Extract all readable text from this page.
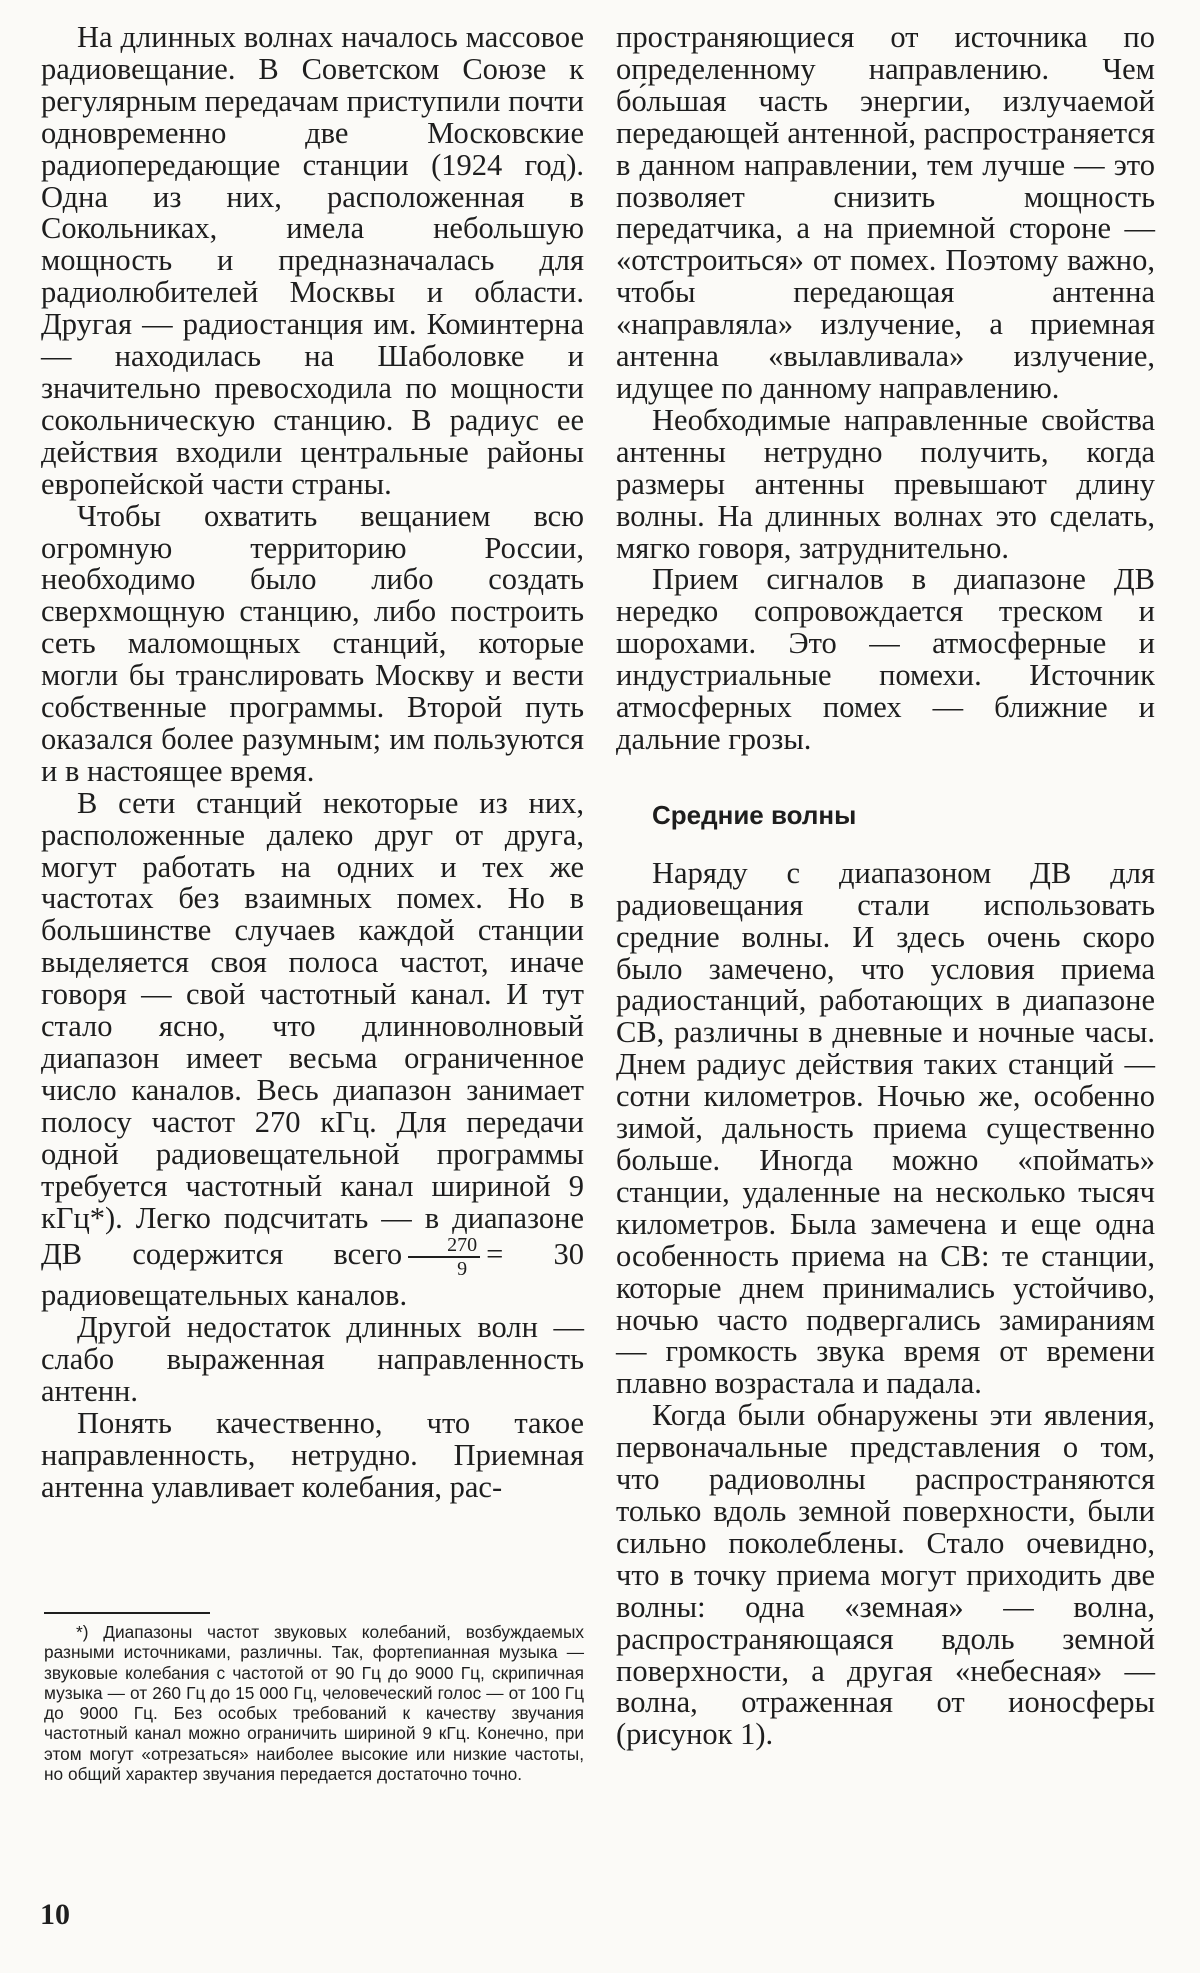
На длинных волнах началось массовое радиовещание. В Советском Союзе к регулярным передачам приступили почти одновременно две Московские радиопередающие станции (1924 год). Одна из них, расположенная в Сокольниках, имела небольшую мощность и предназначалась для радиолюбителей Москвы и области. Другая — радиостанция им. Коминтерна — находилась на Шаболовке и значительно превосходила по мощности сокольническую станцию. В радиус ее действия входили центральные районы европейской части страны.

Чтобы охватить вещанием всю огромную территорию России, необходимо было либо создать сверхмощную станцию, либо построить сеть маломощных станций, которые могли бы транслировать Москву и вести собственные программы. Второй путь оказался более разумным; им пользуются и в настоящее время.

В сети станций некоторые из них, расположенные далеко друг от друга, могут работать на одних и тех же частотах без взаимных помех. Но в большинстве случаев каждой станции выделяется своя полоса частот, иначе говоря — свой частотный канал. И тут стало ясно, что длинноволновый диапазон имеет весьма ограниченное число каналов. Весь диапазон занимает полосу частот 270 кГц. Для передачи одной радиовещательной программы требуется частотный канал шириной 9 кГц*). Легко подсчитать — в диапазоне ДВ содержится всего $\frac{270}{9} = 30$ радиовещательных каналов.

Другой недостаток длинных волн — слабо выраженная направленность антенн.

Понять качественно, что такое направленность, нетрудно. Приемная антенна улавливает колебания, рас-

пространяющиеся от источника по определенному направлению. Чем бо́льшая часть энергии, излучаемой передающей антенной, распространяется в данном направлении, тем лучше — это позволяет снизить мощность передатчика, а на приемной стороне — «отстроиться» от помех. Поэтому важно, чтобы передающая антенна «направляла» излучение, а приемная антенна «вылавливала» излучение, идущее по данному направлению.

Необходимые направленные свойства антенны нетрудно получить, когда размеры антенны превышают длину волны. На длинных волнах это сделать, мягко говоря, затруднительно.

Прием сигналов в диапазоне ДВ нередко сопровождается треском и шорохами. Это — атмосферные и индустриальные помехи. Источник атмосферных помех — ближние и дальние грозы.

Средние волны

Наряду с диапазоном ДВ для радиовещания стали использовать средние волны. И здесь очень скоро было замечено, что условия приема радиостанций, работающих в диапазоне СВ, различны в дневные и ночные часы. Днем радиус действия таких станций — сотни километров. Ночью же, особенно зимой, дальность приема существенно больше. Иногда можно «поймать» станции, удаленные на несколько тысяч километров. Была замечена и еще одна особенность приема на СВ: те станции, которые днем принимались устойчиво, ночью часто подвергались замираниям — громкость звука время от времени плавно возрастала и падала.

Когда были обнаружены эти явления, первоначальные представления о том, что радиоволны распространяются только вдоль земной поверхности, были сильно поколеблены. Стало очевидно, что в точку приема могут приходить две волны: одна «земная» — волна, распространяющаяся вдоль земной поверхности, а другая «небесная» — волна, отраженная от ионосферы (рисунок 1).

*) Диапазоны частот звуковых колебаний, возбуждаемых разными источниками, различны. Так, фортепианная музыка — звуковые колебания с частотой от 90 Гц до 9000 Гц, скрипичная музыка — от 260 Гц до 15 000 Гц, человеческий голос — от 100 Гц до 9000 Гц. Без особых требований к качеству звучания частотный канал можно ограничить шириной 9 кГц. Конечно, при этом могут «отрезаться» наиболее высокие или низкие частоты, но общий характер звучания передается достаточно точно.
10
